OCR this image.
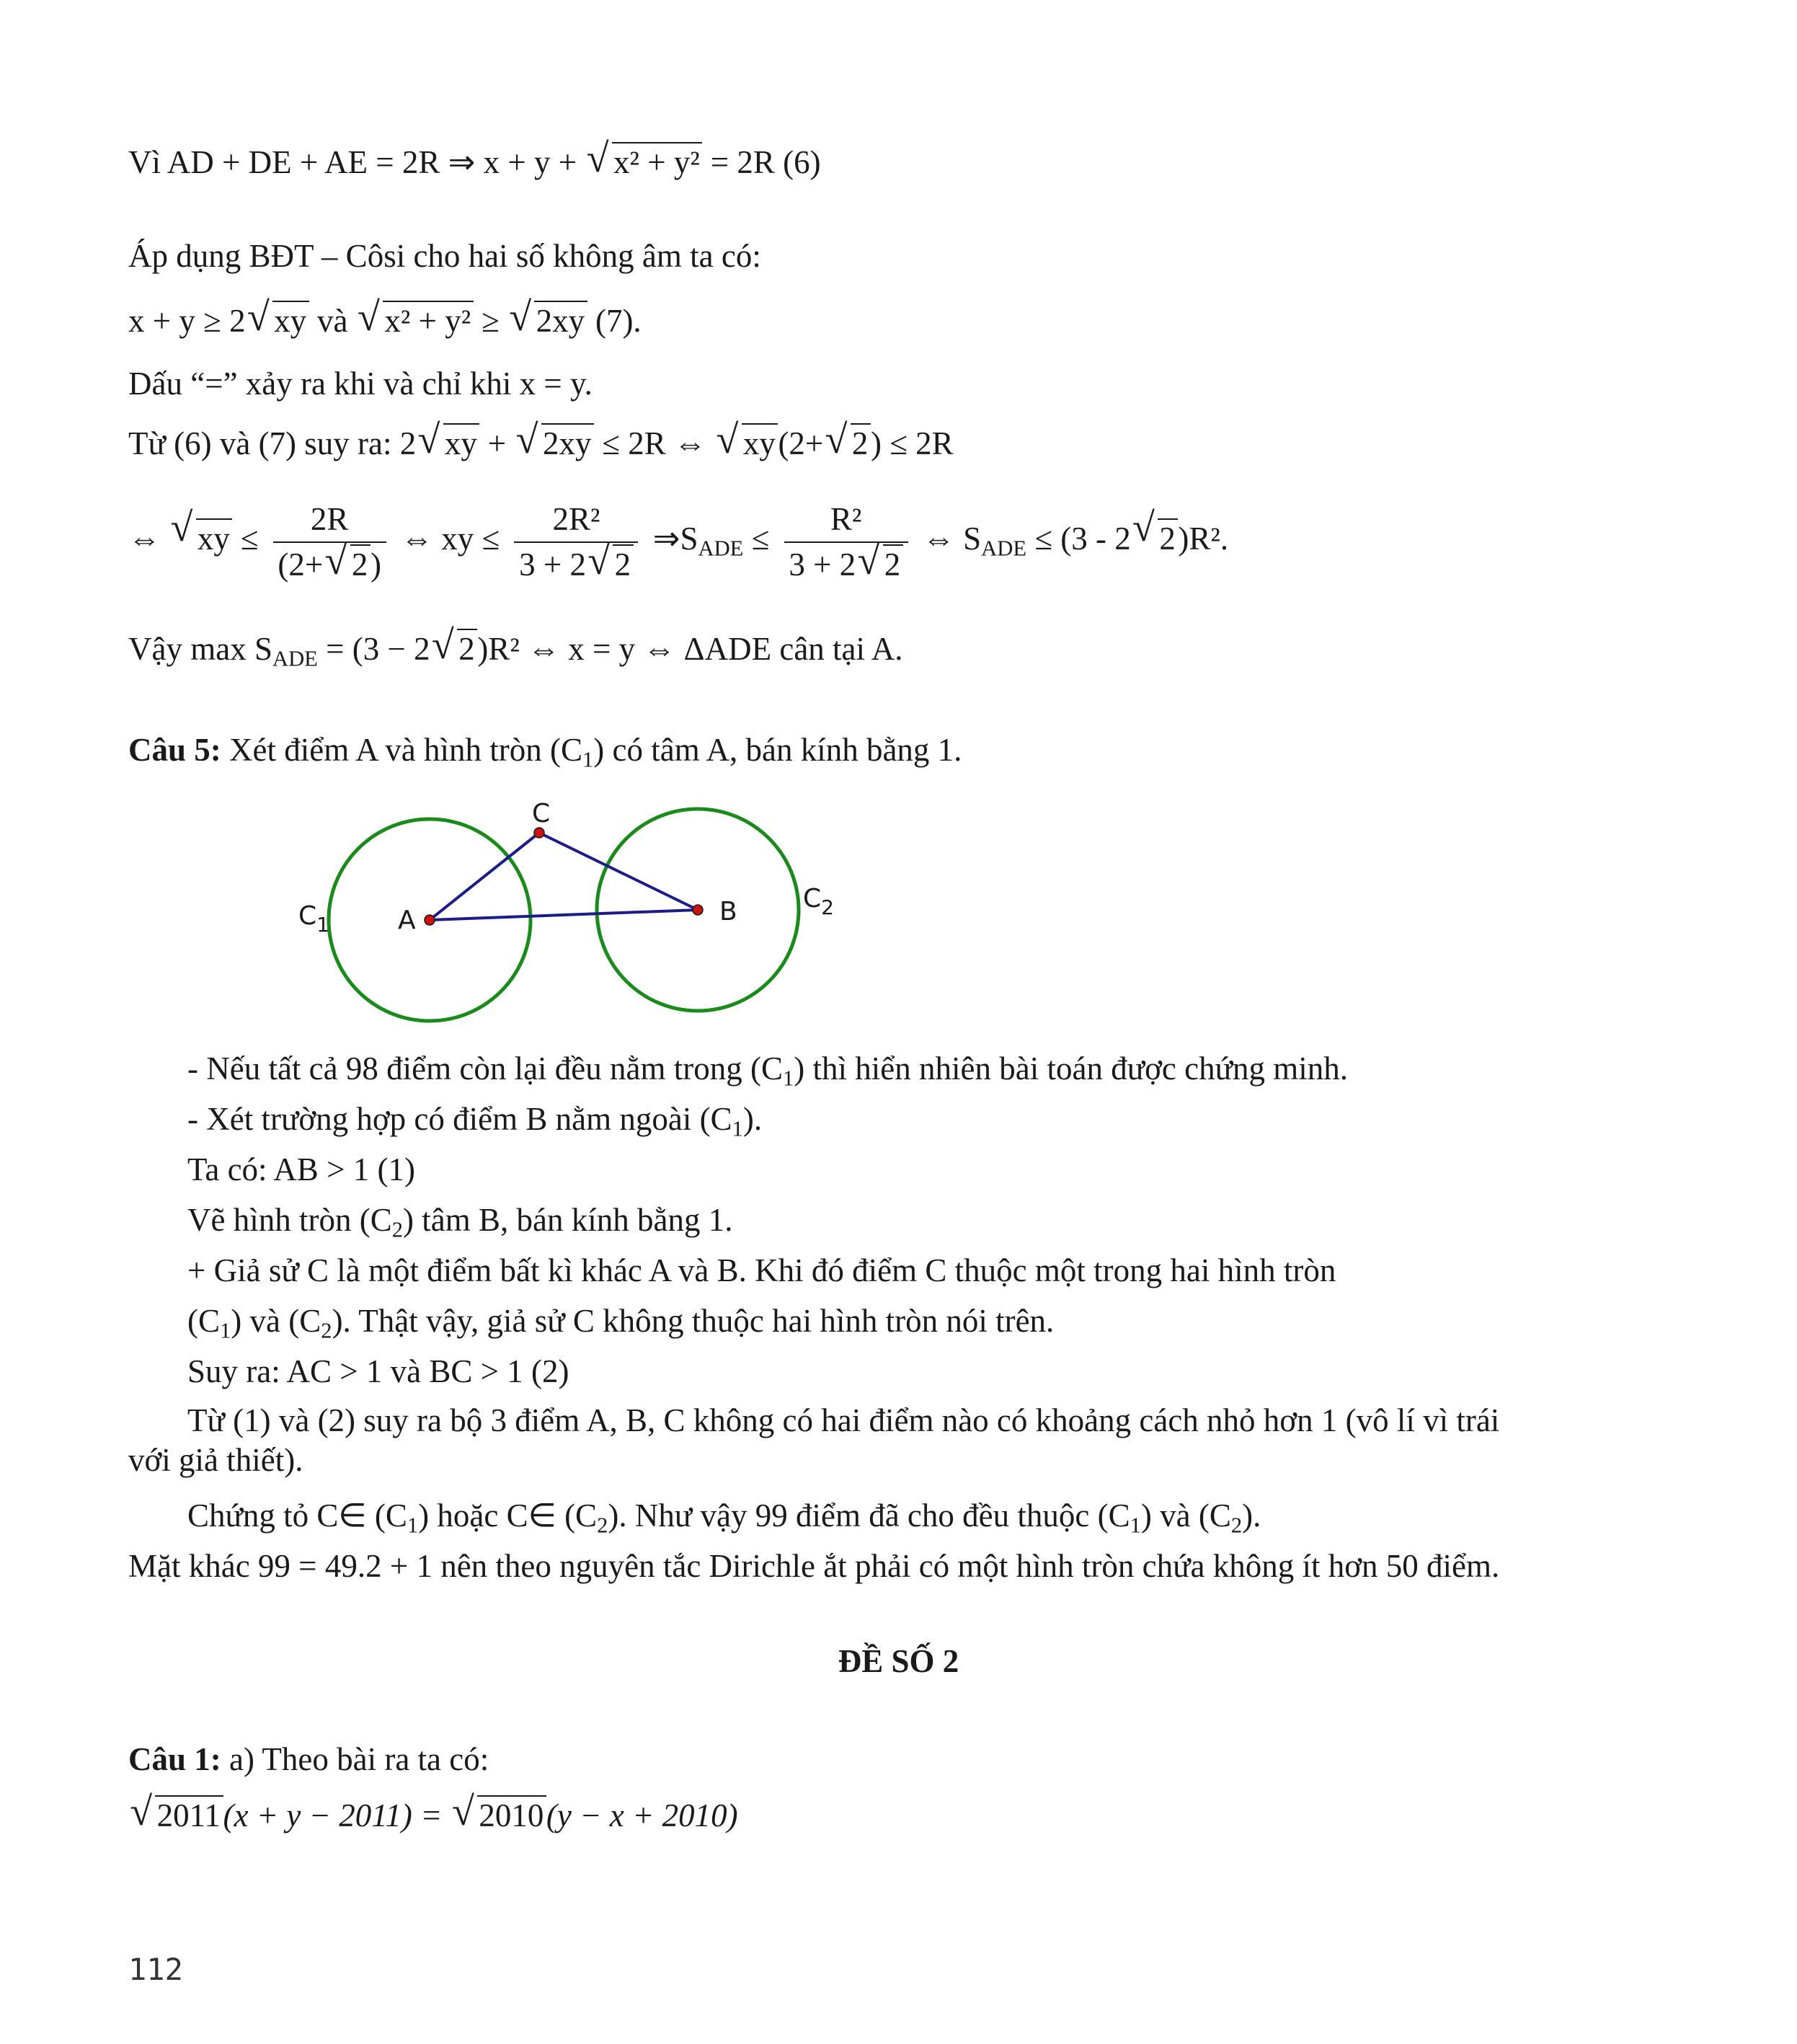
Vì AD + DE + AE = 2R ⇒ x + y + √ x² + y² = 2R (6)
Áp dụng BĐT – Côsi cho hai số không âm ta có:
x + y ≥ 2√ xy và √ x² + y² ≥ √ 2xy (7).
Dấu “=” xảy ra khi và chỉ khi x = y.
Từ (6) và (7) suy ra: 2√ xy + √ 2xy ≤ 2R ⇔ √ xy(2+√ 2) ≤ 2R
⇔ √ xy ≤ $\frac{2R}{(2+√ 2)}$ ⇔ xy ≤ $\frac{\text{2R²}}{3 + 2√ 2}$ $\Rightarrow S_{ADE} \le \frac{\text{R²}}{3 + 2√ 2}$ ⇔ $S_{ADE} \le (3 - 2√$ 2)R².
Vậy $\max S_{ADE} = (3 - 2√$ 2)R² ⇔ x = y ⇔ ΔADE cân tại A.
Câu 5: Xét điểm A và hình tròn $(C_1)$ có tâm A, bán kính bằng 1.
A	B
C
$C_1$
$C_2$
- Nếu tất cả 98 điểm còn lại đều nằm trong $(C_1)$ thì hiển nhiên bài toán được chứng minh.
- Xét trường hợp có điểm B nằm ngoài $(C_1)$.
Ta có: AB > 1 (1)
Vẽ hình tròn $(C_2)$ tâm B, bán kính bằng 1.
+ Giả sử C là một điểm bất kì khác A và B. Khi đó điểm C thuộc một trong hai hình tròn
$(C_1)$ và $(C_2)$. Thật vậy, giả sử C không thuộc hai hình tròn nói trên.
Suy ra: AC > 1 và BC > 1 (2)
Từ (1) và (2) suy ra bộ 3 điểm A, B, C không có hai điểm nào có khoảng cách nhỏ hơn 1 (vô lí vì trái
với giả thiết).
Chứng tỏ C∈ $(C_1)$ hoặc C∈ $(C_2)$. Như vậy 99 điểm đã cho đều thuộc $(C_1)$ và $(C_2)$.
Mặt khác 99 = 49.2 + 1 nên theo nguyên tắc Dirichle ắt phải có một hình tròn chứa không ít hơn 50 điểm.
ĐỀ SỐ 2
Câu 1: a) Theo bài ra ta có:
√ 2011(x + y − 2011) = √ 2010(y − x + 2010)
112
